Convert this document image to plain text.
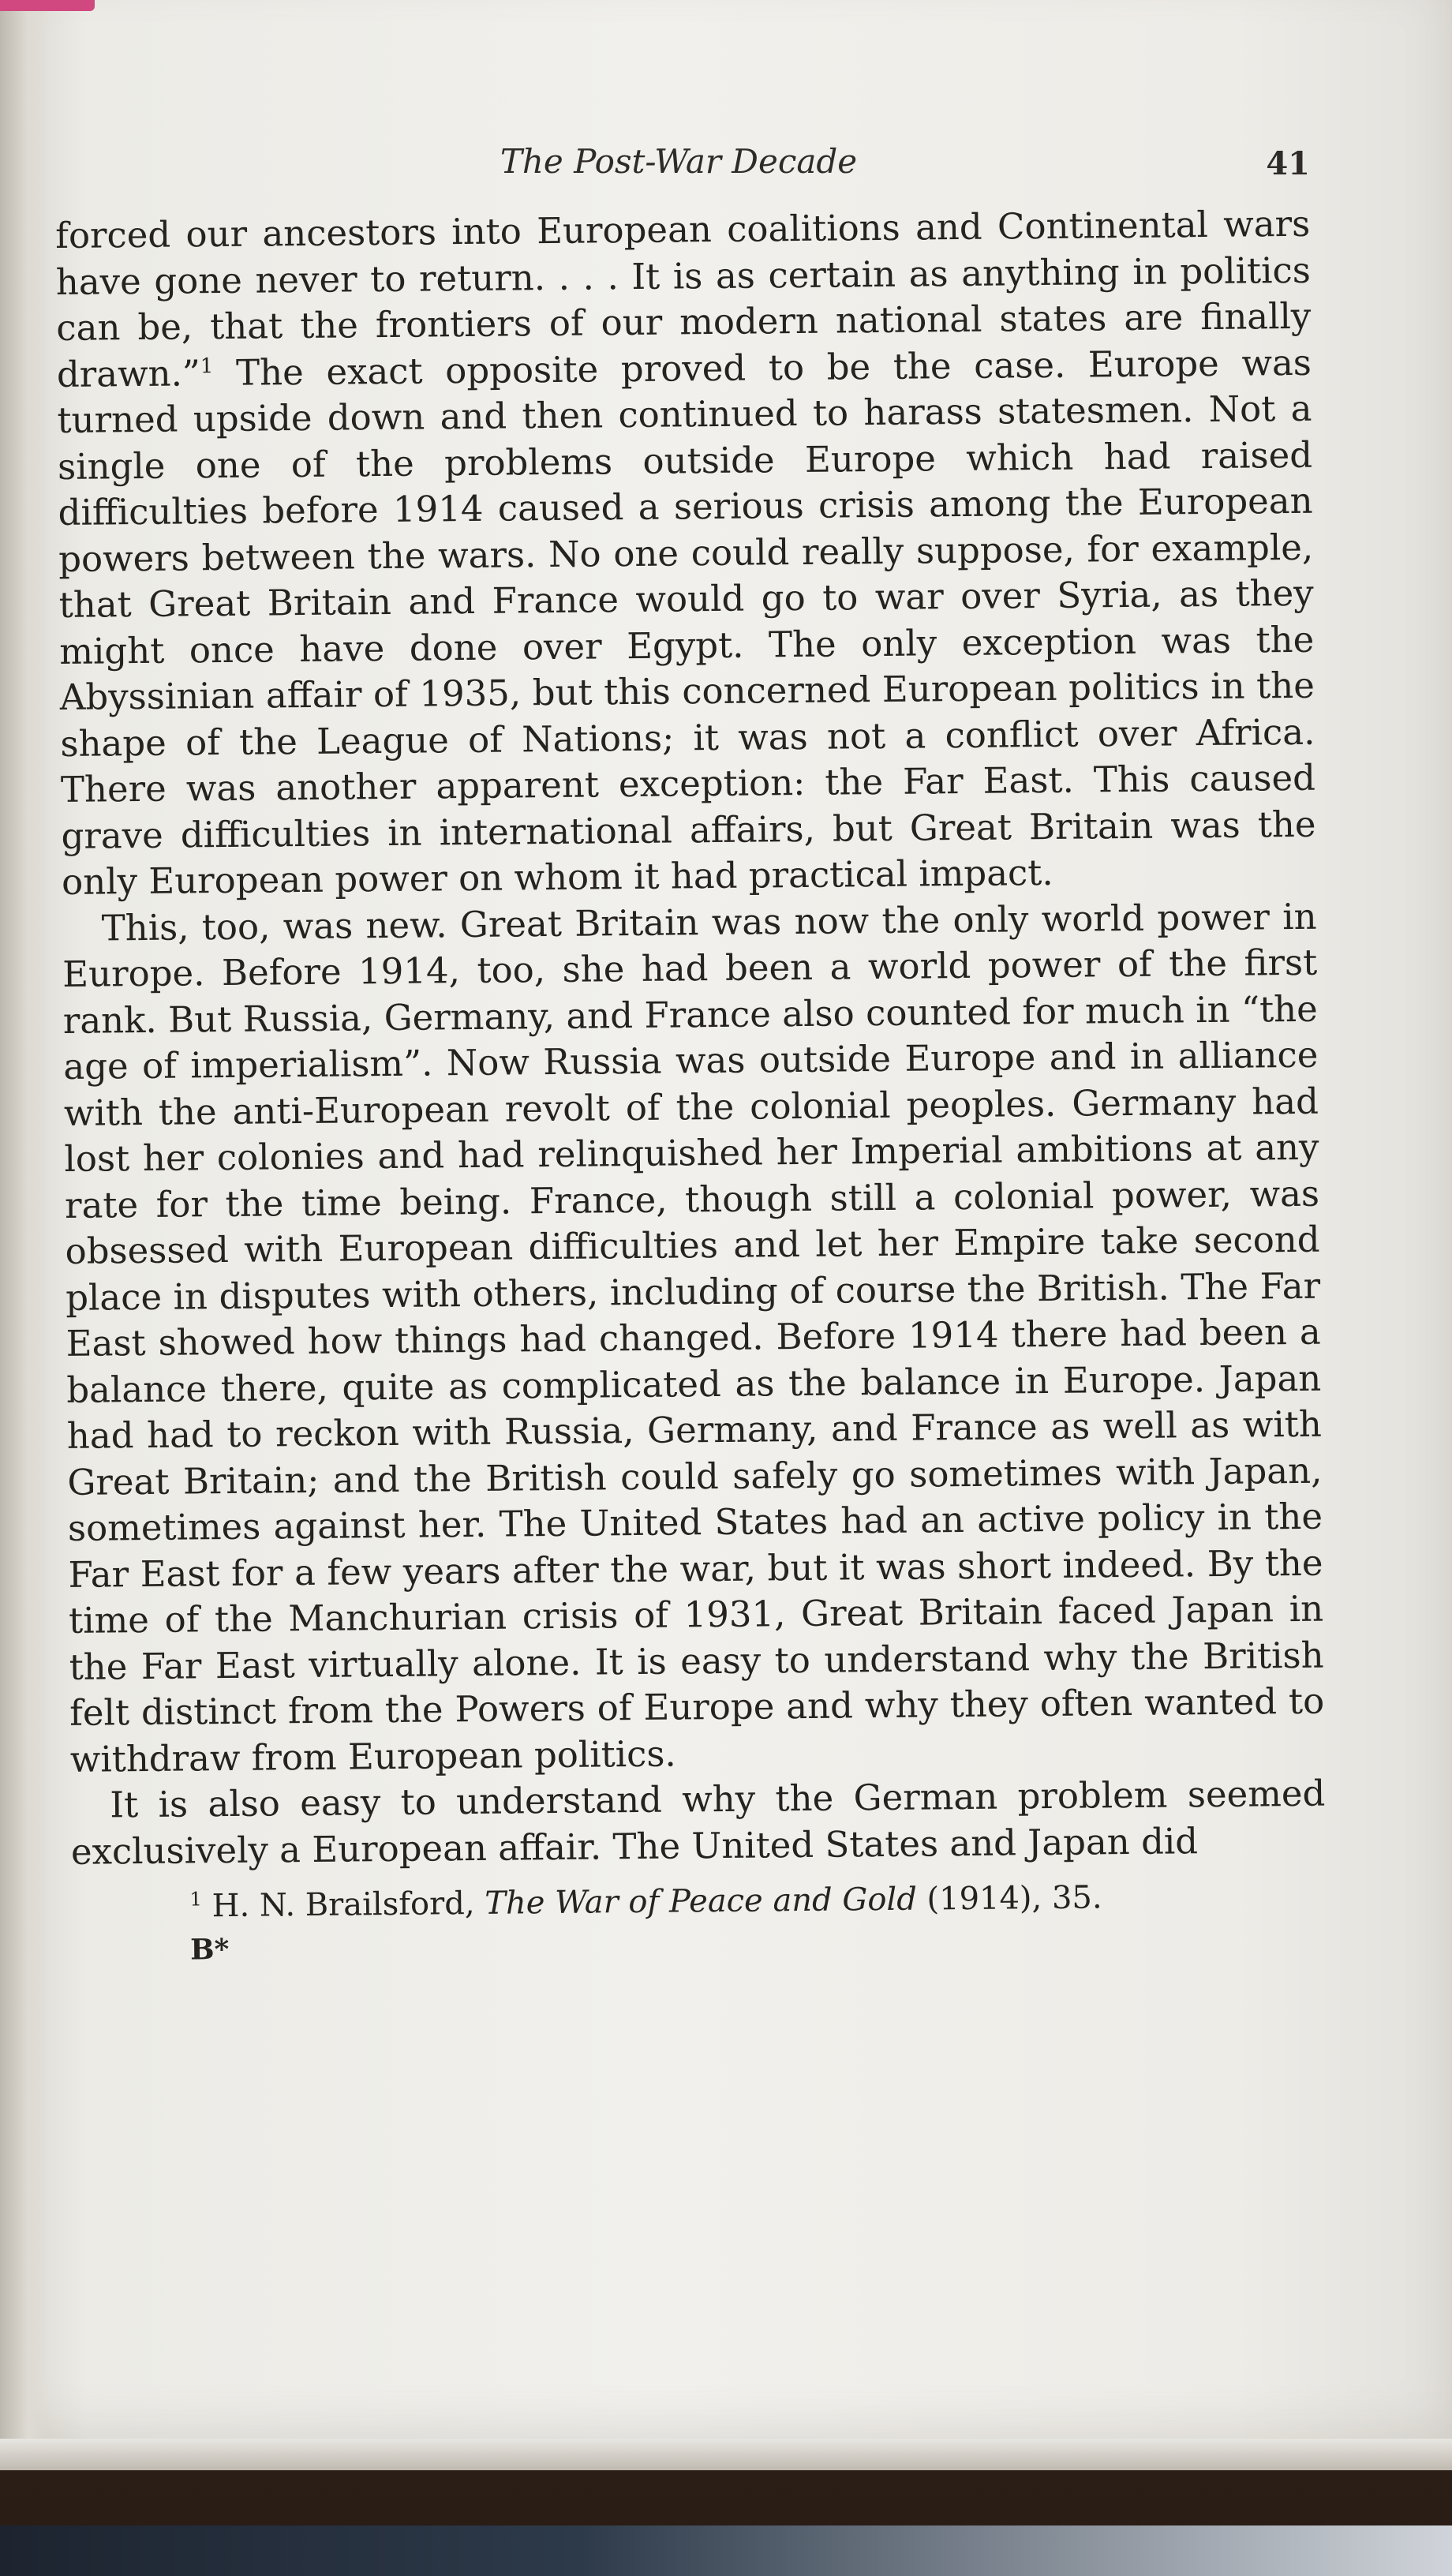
The Post-War Decade	41

forced our ancestors into European coalitions and Continental wars have gone never to return. . . . It is as certain as anything in politics can be, that the frontiers of our modern national states are finally drawn.”$^1$ The exact opposite proved to be the case. Europe was turned upside down and then continued to harass statesmen. Not a single one of the problems outside Europe which had raised difficulties before 1914 caused a serious crisis among the European powers between the wars. No one could really suppose, for example, that Great Britain and France would go to war over Syria, as they might once have done over Egypt. The only exception was the Abyssinian affair of 1935, but this concerned European politics in the shape of the League of Nations; it was not a conflict over Africa. There was another apparent exception: the Far East. This caused grave difficulties in international affairs, but Great Britain was the only European power on whom it had practical impact.

This, too, was new. Great Britain was now the only world power in Europe. Before 1914, too, she had been a world power of the first rank. But Russia, Germany, and France also counted for much in “the age of imperialism”. Now Russia was outside Europe and in alliance with the anti-European revolt of the colonial peoples. Germany had lost her colonies and had relinquished her Imperial ambitions at any rate for the time being. France, though still a colonial power, was obsessed with European difficulties and let her Empire take second place in disputes with others, including of course the British. The Far East showed how things had changed. Before 1914 there had been a balance there, quite as complicated as the balance in Europe. Japan had had to reckon with Russia, Germany, and France as well as with Great Britain; and the British could safely go sometimes with Japan, sometimes against her. The United States had an active policy in the Far East for a few years after the war, but it was short indeed. By the time of the Manchurian crisis of 1931, Great Britain faced Japan in the Far East virtually alone. It is easy to understand why the British felt distinct from the Powers of Europe and why they often wanted to withdraw from European politics.

It is also easy to understand why the German problem seemed exclusively a European affair. The United States and Japan did

$^1$ H. N. Brailsford, The War of Peace and Gold (1914), 35.

B*
